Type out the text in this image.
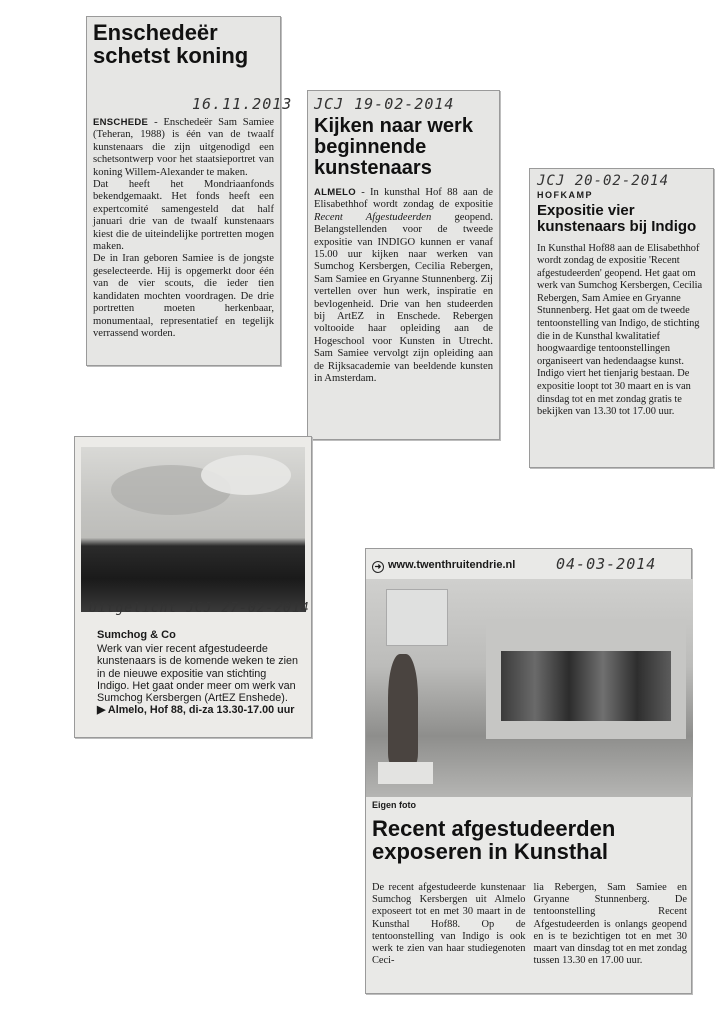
Enschedeër
schetst koning
16.11.2013

ENSCHEDE - Enschedeër Sam Samiee (Teheran, 1988) is één van de twaalf kunstenaars die zijn uitgenodigd een schetsontwerp voor het staatsieportret van koning Willem-Alexander te maken.

Dat heeft het Mondriaanfonds bekendgemaakt. Het fonds heeft een expertcomité samengesteld dat half januari drie van de twaalf kunstenaars kiest die de uiteindelijke portretten mogen maken.

De in Iran geboren Samiee is de jongste geselecteerde. Hij is opgemerkt door één van de vier scouts, die ieder tien kandidaten mochten voordragen. De drie portretten moeten herkenbaar, monumentaal, representatief en tegelijk verrassend worden.

JCJ 19-02-2014
Kijken naar werk
beginnende
kunstenaars

ALMELO - In kunsthal Hof 88 aan de Elisabethhof wordt zondag de expositie Recent Afgestudeerden geopend. Belangstellenden voor de tweede expositie van INDIGO kunnen er vanaf 15.00 uur kijken naar werken van Sumchog Kersbergen, Cecilia Rebergen, Sam Samiee en Gryanne Stunnenberg. Zij vertellen over hun werk, inspiratie en bevlogenheid. Drie van hen studeerden bij ArtEZ in Enschede. Rebergen voltooide haar opleiding aan de Hogeschool voor Kunsten in Utrecht. Sam Samiee vervolgt zijn opleiding aan de Rijksacademie van beeldende kunsten in Amsterdam.

JCJ 20-02-2014
HOFKAMP
Expositie vier
kunstenaars bij Indigo

In Kunsthal Hof88 aan de Elisabethhof wordt zondag de expositie 'Recent afgestudeerden' geopend. Het gaat om werk van Sumchog Kersbergen, Cecilia Rebergen, Sam Amiee en Gryanne Stunnenberg. Het gaat om de tweede tentoonstelling van Indigo, de stichting die in de Kunsthal kwalitatief hoogwaardige tentoonstellingen organiseert van hedendaagse kunst. Indigo viert het tienjarig bestaan. De expositie loopt tot 30 maart en is van dinsdag tot en met zondag gratis te bekijken van 13.30 tot 17.00 uur.

Uitgelicht JCJ 27-02-2014

Sumchog & Co

Werk van vier recent afgestudeerde kunstenaars is de komende weken te zien in de nieuwe expositie van stichting Indigo. Het gaat onder meer om werk van Sumchog Kersbergen (ArtEZ Enshede).

▶ Almelo, Hof 88, di-za 13.30-17.00 uur

➜ www.twenthruitendrie.nl	04-03-2014
Eigen foto
Recent afgestudeerden
exposeren in Kunsthal

De recent afgestudeerde kunstenaar Sumchog Kersbergen uit Almelo exposeert tot en met 30 maart in de Kunsthal Hof88. Op de tentoonstelling van Indigo is ook werk te zien van haar studiegenoten Ceci-

lia Rebergen, Sam Samiee en Gryanne Stunnenberg. De tentoonstelling Recent Afgestudeerden is onlangs geopend en is te bezichtigen tot en met 30 maart van dinsdag tot en met zondag tussen 13.30 en 17.00 uur.
